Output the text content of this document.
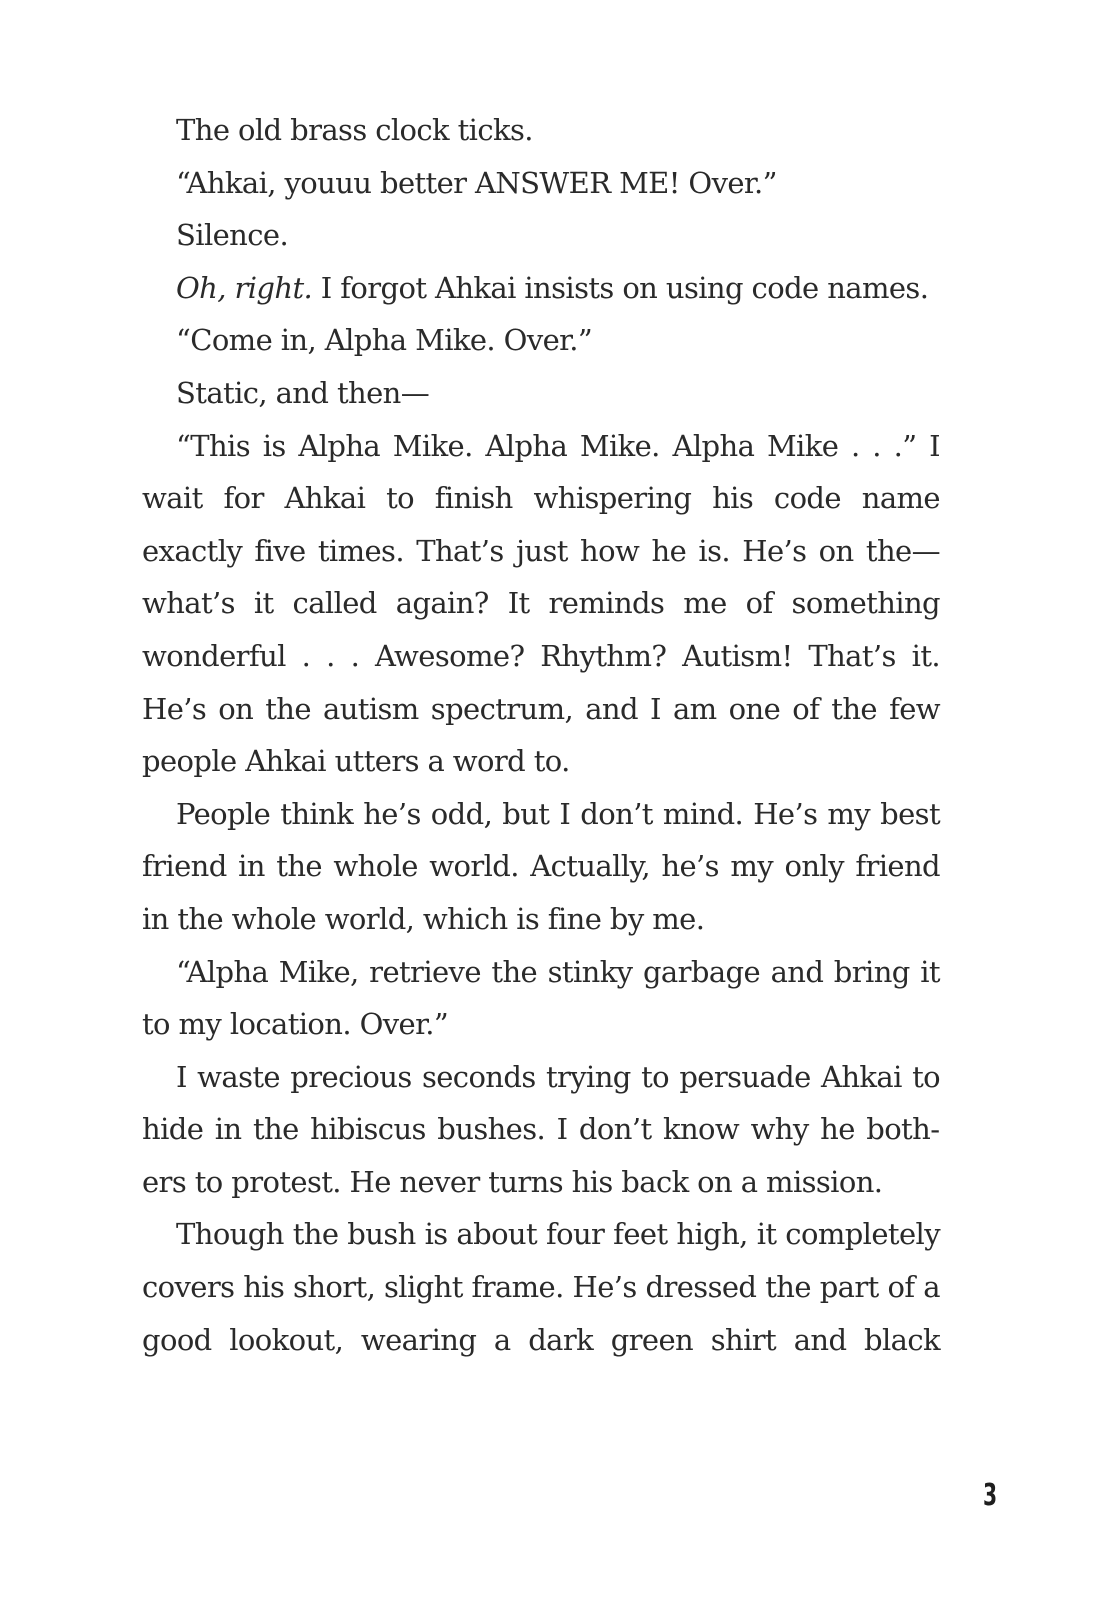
The old brass clock ticks.

“Ahkai, youuu better ANSWER ME! Over.”

Silence.

Oh, right. I forgot Ahkai insists on using code names.

“Come in, Alpha Mike. Over.”

Static, and then—

“This is Alpha Mike. Alpha Mike. Alpha Mike . . .” I wait for Ahkai to finish whispering his code name exactly five times. That’s just how he is. He’s on the— what’s it called again? It reminds me of something wonderful . . . Awesome? Rhythm? Autism! That’s it. He’s on the autism spectrum, and I am one of the few people Ahkai utters a word to.

People think he’s odd, but I don’t mind. He’s my best friend in the whole world. Actually, he’s my only friend in the whole world, which is fine by me.

“Alpha Mike, retrieve the stinky garbage and bring it to my location. Over.”

I waste precious seconds trying to persuade Ahkai to hide in the hibiscus bushes. I don’t know why he bothers to protest. He never turns his back on a mission.

Though the bush is about four feet high, it completely covers his short, slight frame. He’s dressed the part of a good lookout, wearing a dark green shirt and black

3
